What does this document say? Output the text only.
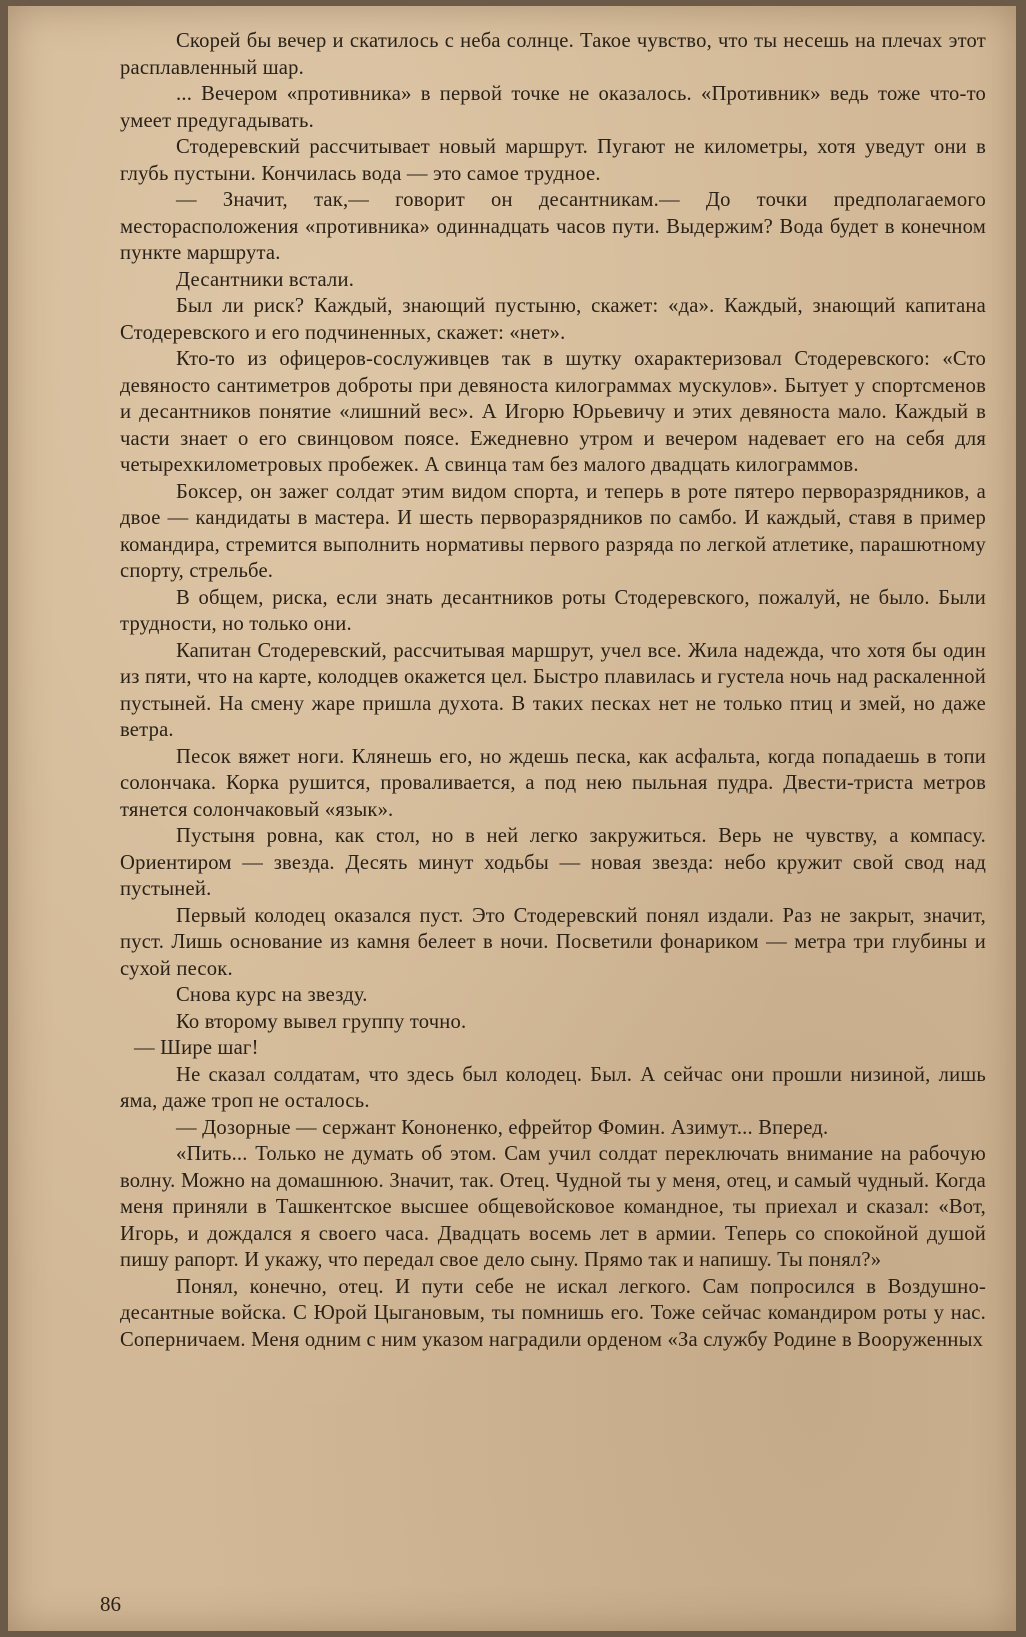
Скорей бы вечер и скатилось с неба солнце. Такое чувство, что ты несешь на плечах этот расплавленный шар.

... Вечером «противника» в первой точке не оказалось. «Противник» ведь тоже что-то умеет предугадывать.

Стодеревский рассчитывает новый маршрут. Пугают не километры, хотя уведут они в глубь пустыни. Кончилась вода — это самое трудное.

— Значит, так,— говорит он десантникам.— До точки предполагаемого месторасположения «противника» одиннадцать часов пути. Выдержим? Вода будет в конечном пункте маршрута.

Десантники встали.

Был ли риск? Каждый, знающий пустыню, скажет: «да». Каждый, знающий капитана Стодеревского и его подчиненных, скажет: «нет».

Кто-то из офицеров-сослуживцев так в шутку охарактеризовал Стодеревского: «Сто девяносто сантиметров доброты при девяноста килограммах мускулов». Бытует у спортсменов и десантников понятие «лишний вес». А Игорю Юрьевичу и этих девяноста мало. Каждый в части знает о его свинцовом поясе. Ежедневно утром и вечером надевает его на себя для четырехкилометровых пробежек. А свинца там без малого двадцать килограммов.

Боксер, он зажег солдат этим видом спорта, и теперь в роте пятеро перворазрядников, а двое — кандидаты в мастера. И шесть перворазрядников по самбо. И каждый, ставя в пример командира, стремится выполнить нормативы первого разряда по легкой атлетике, парашютному спорту, стрельбе.

В общем, риска, если знать десантников роты Стодеревского, пожалуй, не было. Были трудности, но только они.

Капитан Стодеревский, рассчитывая маршрут, учел все. Жила надежда, что хотя бы один из пяти, что на карте, колодцев окажется цел. Быстро плавилась и густела ночь над раскаленной пустыней. На смену жаре пришла духота. В таких песках нет не только птиц и змей, но даже ветра.

Песок вяжет ноги. Клянешь его, но ждешь песка, как асфальта, когда попадаешь в топи солончака. Корка рушится, проваливается, а под нею пыльная пудра. Двести-триста метров тянется солончаковый «язык».

Пустыня ровна, как стол, но в ней легко закружиться. Верь не чувству, а компасу. Ориентиром — звезда. Десять минут ходьбы — новая звезда: небо кружит свой свод над пустыней.

Первый колодец оказался пуст. Это Стодеревский понял издали. Раз не закрыт, значит, пуст. Лишь основание из камня белеет в ночи. Посветили фонариком — метра три глубины и сухой песок.

Снова курс на звезду.

Ко второму вывел группу точно.

— Шире шаг!

Не сказал солдатам, что здесь был колодец. Был. А сейчас они прошли низиной, лишь яма, даже троп не осталось.

— Дозорные — сержант Кононенко, ефрейтор Фомин. Азимут... Вперед.

«Пить... Только не думать об этом. Сам учил солдат переключать внимание на рабочую волну. Можно на домашнюю. Значит, так. Отец. Чудной ты у меня, отец, и самый чудный. Когда меня приняли в Ташкентское высшее общевойсковое командное, ты приехал и сказал: «Вот, Игорь, и дождался я своего часа. Двадцать восемь лет в армии. Теперь со спокойной душой пишу рапорт. И укажу, что передал свое дело сыну. Прямо так и напишу. Ты понял?»

Понял, конечно, отец. И пути себе не искал легкого. Сам попросился в Воздушно-десантные войска. С Юрой Цыгановым, ты помнишь его. Тоже сейчас командиром роты у нас. Соперничаем. Меня одним с ним указом наградили орденом «За службу Родине в Вооруженных

86
